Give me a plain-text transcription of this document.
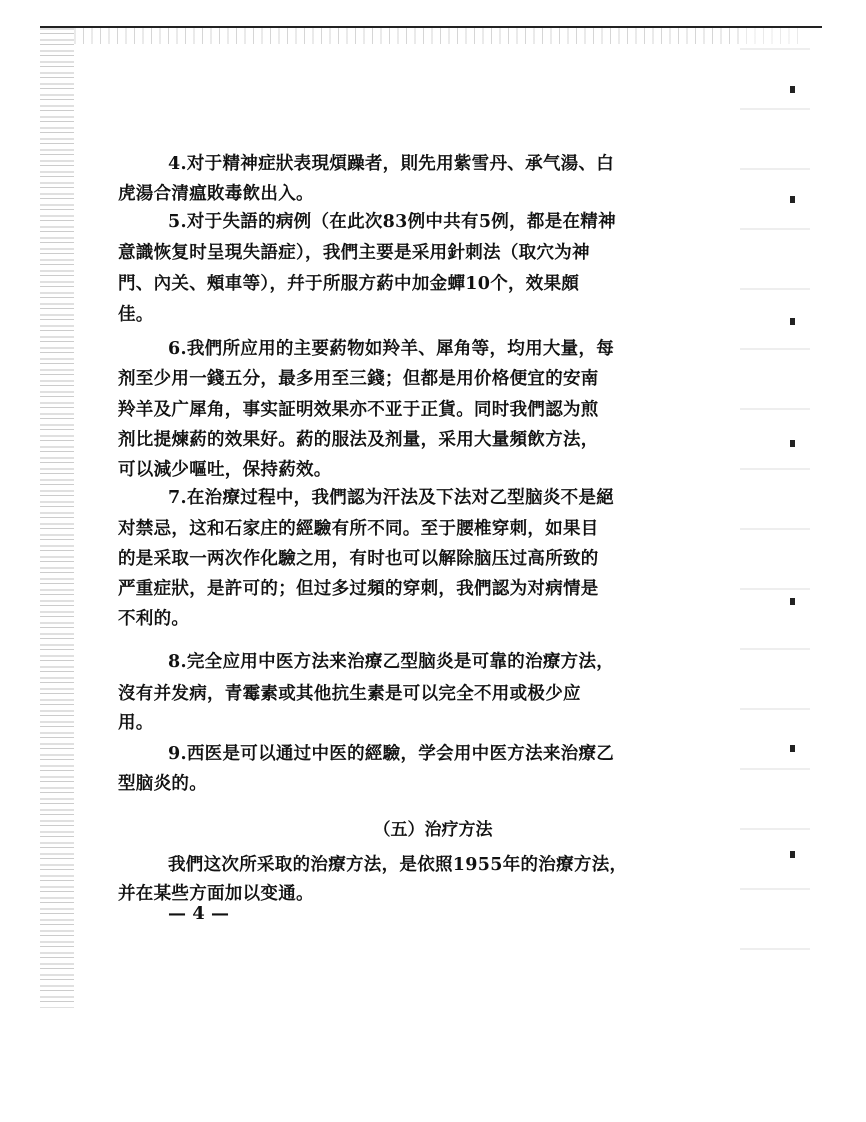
4.对于精神症狀表現煩躁者，則先用紫雪丹、承气湯、白
虎湯合清瘟敗毒飲出入。
5.对于失語的病例（在此次83例中共有5例，都是在精神
意識恢复时呈現失語症），我們主要是采用針刺法（取穴为神
門、內关、頰車等），幷于所服方葯中加金蟬10个，效果頗
佳。
6.我們所应用的主要葯物如羚羊、犀角等，均用大量，每
剂至少用一錢五分，最多用至三錢；但都是用价格便宜的安南
羚羊及广犀角，事实証明效果亦不亚于正貨。同时我們認为煎
剂比提煉葯的效果好。葯的服法及剂量，采用大量頻飲方法，
可以減少嘔吐，保持葯效。
7.在治療过程中，我們認为汗法及下法对乙型脑炎不是絕
对禁忌，这和石家庄的經驗有所不同。至于腰椎穿刺，如果目
的是采取一两次作化驗之用，有时也可以解除脑压过高所致的
严重症狀，是許可的；但过多过頻的穿刺，我們認为对病情是
不利的。
8.完全应用中医方法来治療乙型脑炎是可靠的治療方法，
沒有并发病，青霉素或其他抗生素是可以完全不用或极少应
用。
9.西医是可以通过中医的經驗，学会用中医方法来治療乙
型脑炎的。
（五）治疗方法
我們这次所采取的治療方法，是依照1955年的治療方法，
并在某些方面加以变通。
— 4 —
